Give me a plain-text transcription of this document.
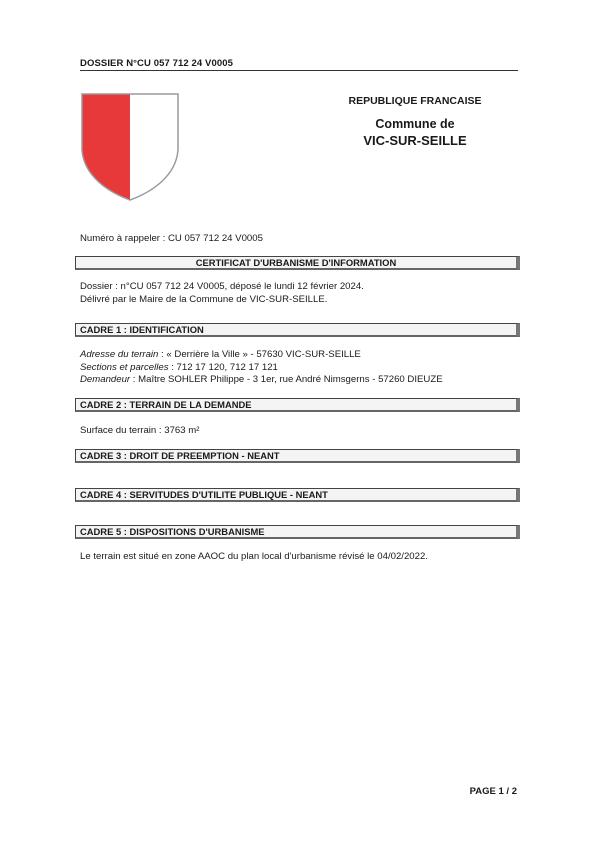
DOSSIER N°CU 057 712 24 V0005
REPUBLIQUE FRANCAISE
Commune de
VIC-SUR-SEILLE
Numéro à rappeler : CU 057 712 24 V0005
CERTIFICAT D'URBANISME D'INFORMATION
Dossier : n°CU 057 712 24 V0005, déposé le lundi 12 février 2024.
Délivré par le Maire de la Commune de VIC-SUR-SEILLE.
CADRE 1 : IDENTIFICATION
Adresse du terrain : « Derrière la Ville » - 57630 VIC-SUR-SEILLE
Sections et parcelles : 712 17 120, 712 17 121
Demandeur : Maître SOHLER Philippe - 3 1er, rue André Nimsgerns - 57260 DIEUZE
CADRE 2 : TERRAIN DE LA DEMANDE
Surface du terrain : 3763 m²
CADRE 3 : DROIT DE PREEMPTION - NEANT
CADRE 4 : SERVITUDES D'UTILITE PUBLIQUE - NEANT
CADRE 5 : DISPOSITIONS D'URBANISME
Le terrain est situé en zone AAOC du plan local d'urbanisme révisé le 04/02/2022.
PAGE 1 / 2
